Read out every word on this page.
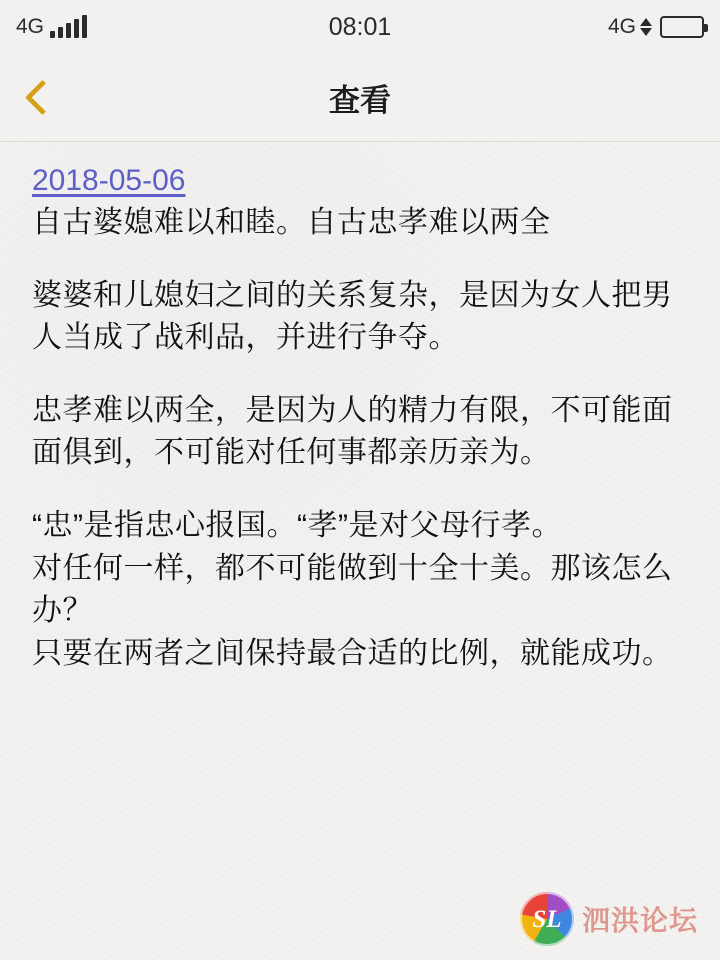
4G	08:01	4G
查看
2018-05-06

自古婆媳难以和睦。自古忠孝难以两全

婆婆和儿媳妇之间的关系复杂，是因为女人把男人当成了战利品，并进行争夺。

忠孝难以两全，是因为人的精力有限，不可能面面俱到，不可能对任何事都亲历亲为。

“忠”是指忠心报国。“孝”是对父母行孝。

对任何一样，都不可能做到十全十美。那该怎么办？

只要在两者之间保持最合适的比例，就能成功。

SL 泗洪论坛
